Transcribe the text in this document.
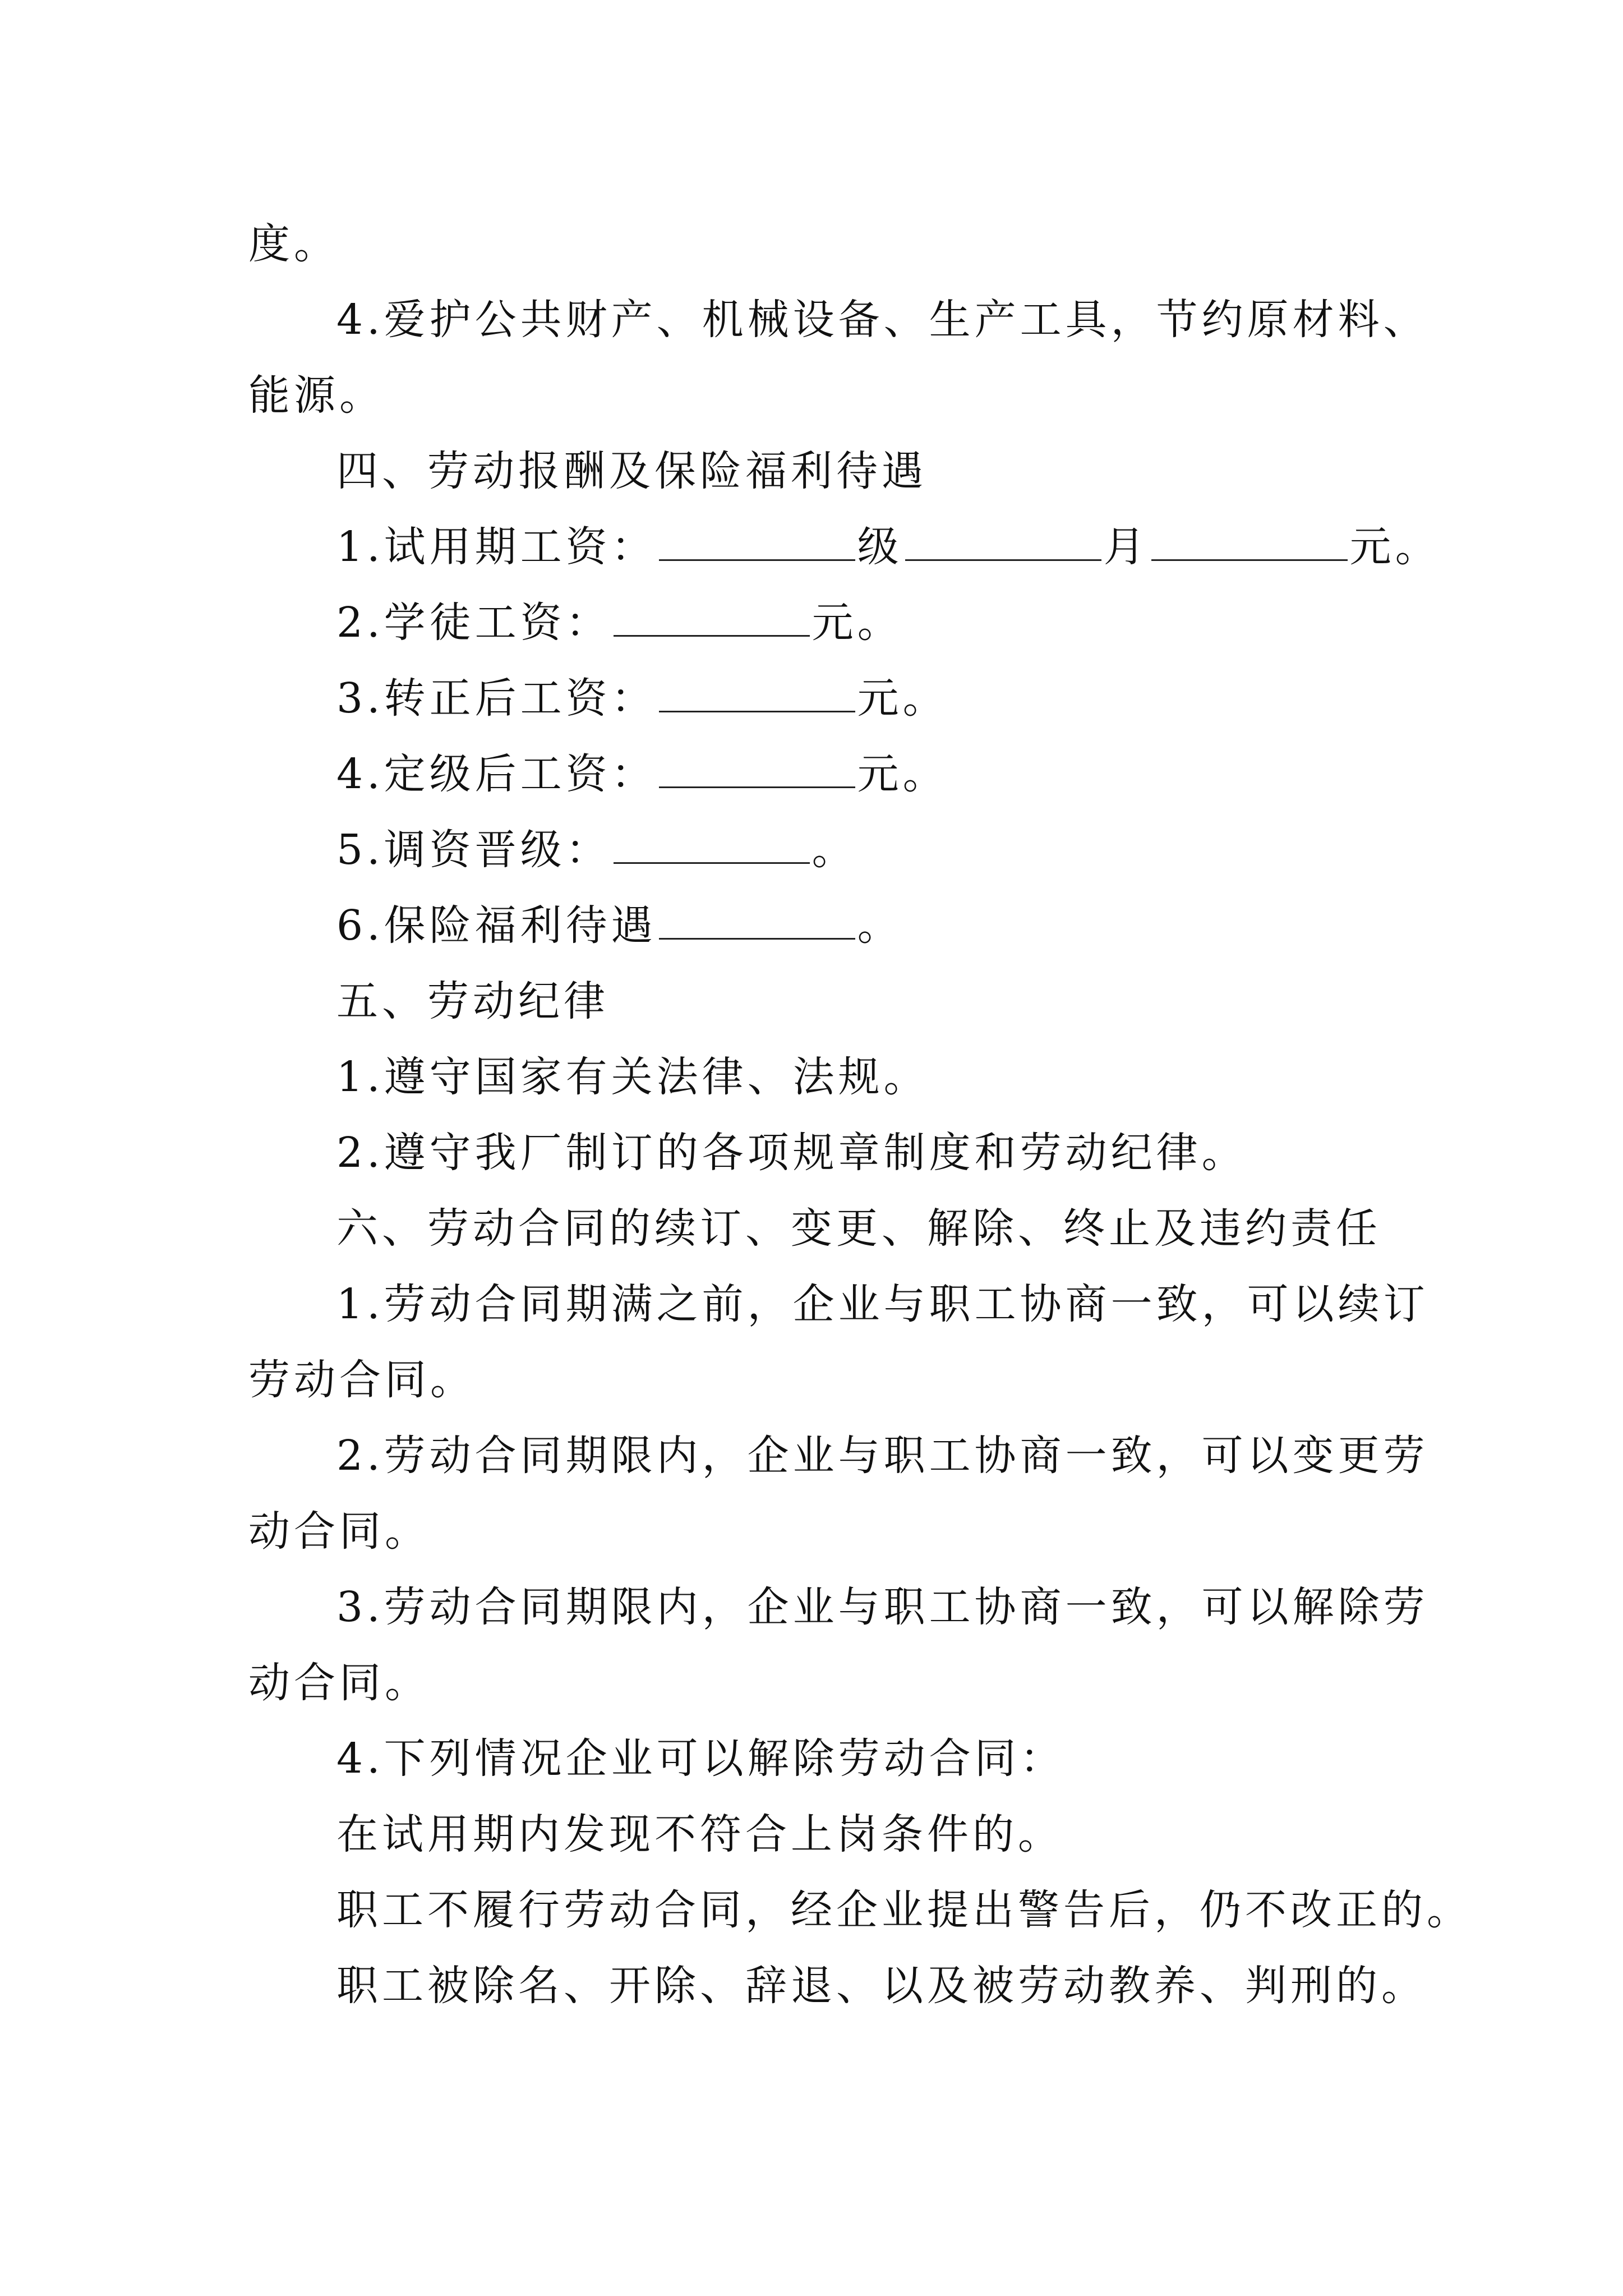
度。

4.爱护公共财产、机械设备、生产工具，节约原材料、

能源。

四、劳动报酬及保险福利待遇

1.试用期工资：	级	月	元。

2.学徒工资：	元。

3.转正后工资：	元。

4.定级后工资：	元。

5.调资晋级：	。

6.保险福利待遇	。

五、劳动纪律

1.遵守国家有关法律、法规。

2.遵守我厂制订的各项规章制度和劳动纪律。

六、劳动合同的续订、变更、解除、终止及违约责任

1.劳动合同期满之前，企业与职工协商一致，可以续订

劳动合同。

2.劳动合同期限内，企业与职工协商一致，可以变更劳

动合同。

3.劳动合同期限内，企业与职工协商一致，可以解除劳

动合同。

4.下列情况企业可以解除劳动合同：

在试用期内发现不符合上岗条件的。

职工不履行劳动合同，经企业提出警告后，仍不改正的。

职工被除名、开除、辞退、以及被劳动教养、判刑的。
